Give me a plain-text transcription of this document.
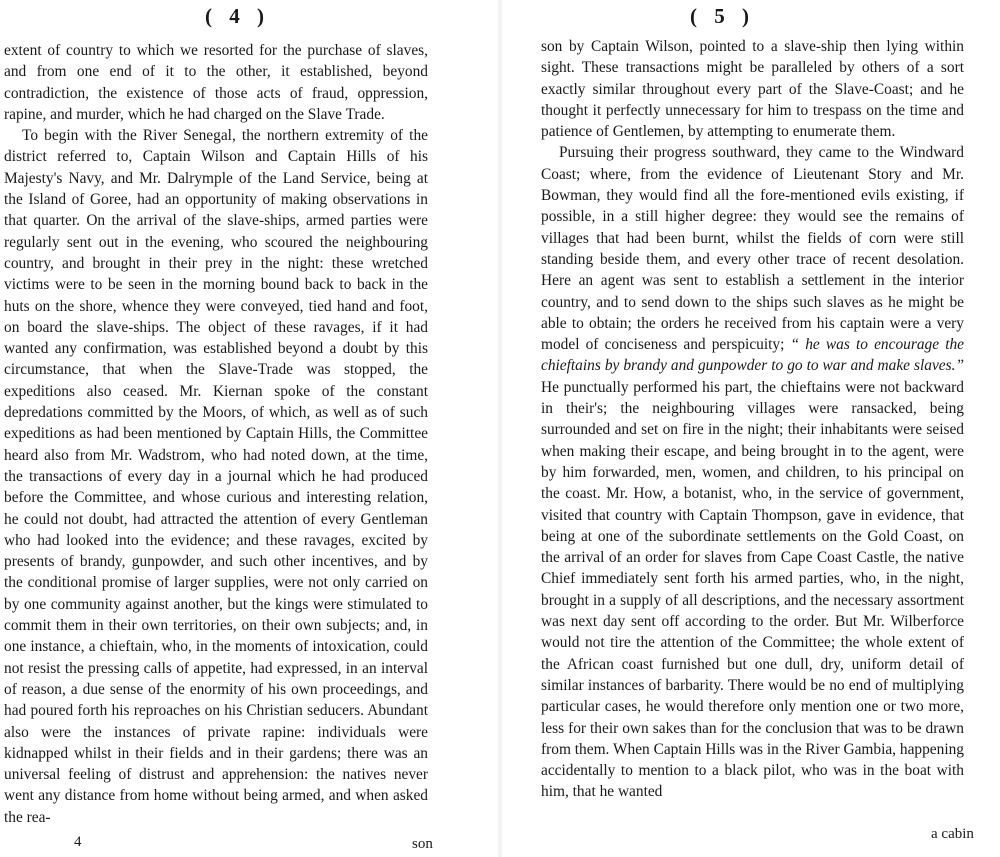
( 4 )

extent of country to which we resorted for the purchase of slaves, and from one end of it to the other, it established, beyond contradiction, the existence of those acts of fraud, oppression, rapine, and murder, which he had charged on the Slave Trade.

To begin with the River Senegal, the northern extremity of the district referred to, Captain Wilson and Captain Hills of his Majesty's Navy, and Mr. Dalrymple of the Land Service, being at the Island of Goree, had an opportunity of making observations in that quarter. On the arrival of the slave-ships, armed parties were regularly sent out in the evening, who scoured the neighbouring country, and brought in their prey in the night: these wretched victims were to be seen in the morning bound back to back in the huts on the shore, whence they were conveyed, tied hand and foot, on board the slave-ships. The object of these ravages, if it had wanted any confirmation, was established beyond a doubt by this circumstance, that when the Slave-Trade was stopped, the expeditions also ceased. Mr. Kiernan spoke of the constant depredations committed by the Moors, of which, as well as of such expeditions as had been mentioned by Captain Hills, the Committee heard also from Mr. Wadstrom, who had noted down, at the time, the transactions of every day in a journal which he had produced before the Committee, and whose curious and interesting relation, he could not doubt, had attracted the attention of every Gentleman who had looked into the evidence; and these ravages, excited by presents of brandy, gunpowder, and such other incentives, and by the conditional promise of larger supplies, were not only carried on by one community against another, but the kings were stimulated to commit them in their own territories, on their own subjects; and, in one instance, a chieftain, who, in the moments of intoxication, could not resist the pressing calls of appetite, had expressed, in an interval of reason, a due sense of the enormity of his own proceedings, and had poured forth his reproaches on his Christian seducers. Abundant also were the instances of private rapine: individuals were kidnapped whilst in their fields and in their gardens; there was an universal feeling of distrust and apprehension: the natives never went any distance from home without being armed, and when asked the rea-

4	son
( 5 )

son by Captain Wilson, pointed to a slave-ship then lying within sight. These transactions might be paralleled by others of a sort exactly similar throughout every part of the Slave-Coast; and he thought it perfectly unnecessary for him to trespass on the time and patience of Gentlemen, by attempting to enumerate them.

Pursuing their progress southward, they came to the Windward Coast; where, from the evidence of Lieutenant Story and Mr. Bowman, they would find all the fore-mentioned evils existing, if possible, in a still higher degree: they would see the remains of villages that had been burnt, whilst the fields of corn were still standing beside them, and every other trace of recent desolation. Here an agent was sent to establish a settlement in the interior country, and to send down to the ships such slaves as he might be able to obtain; the orders he received from his captain were a very model of conciseness and perspicuity; “ he was to encourage the chieftains by brandy and gunpowder to go to war and make slaves.” He punctually performed his part, the chieftains were not backward in their's; the neighbouring villages were ransacked, being surrounded and set on fire in the night; their inhabitants were seised when making their escape, and being brought in to the agent, were by him forwarded, men, women, and children, to his principal on the coast. Mr. How, a botanist, who, in the service of government, visited that country with Captain Thompson, gave in evidence, that being at one of the subordinate settlements on the Gold Coast, on the arrival of an order for slaves from Cape Coast Castle, the native Chief immediately sent forth his armed parties, who, in the night, brought in a supply of all descriptions, and the necessary assortment was next day sent off according to the order. But Mr. Wilberforce would not tire the attention of the Committee; the whole extent of the African coast furnished but one dull, dry, uniform detail of similar instances of barbarity. There would be no end of multiplying particular cases, he would therefore only mention one or two more, less for their own sakes than for the conclusion that was to be drawn from them. When Captain Hills was in the River Gambia, happening accidentally to mention to a black pilot, who was in the boat with him, that he wanted

a cabin
